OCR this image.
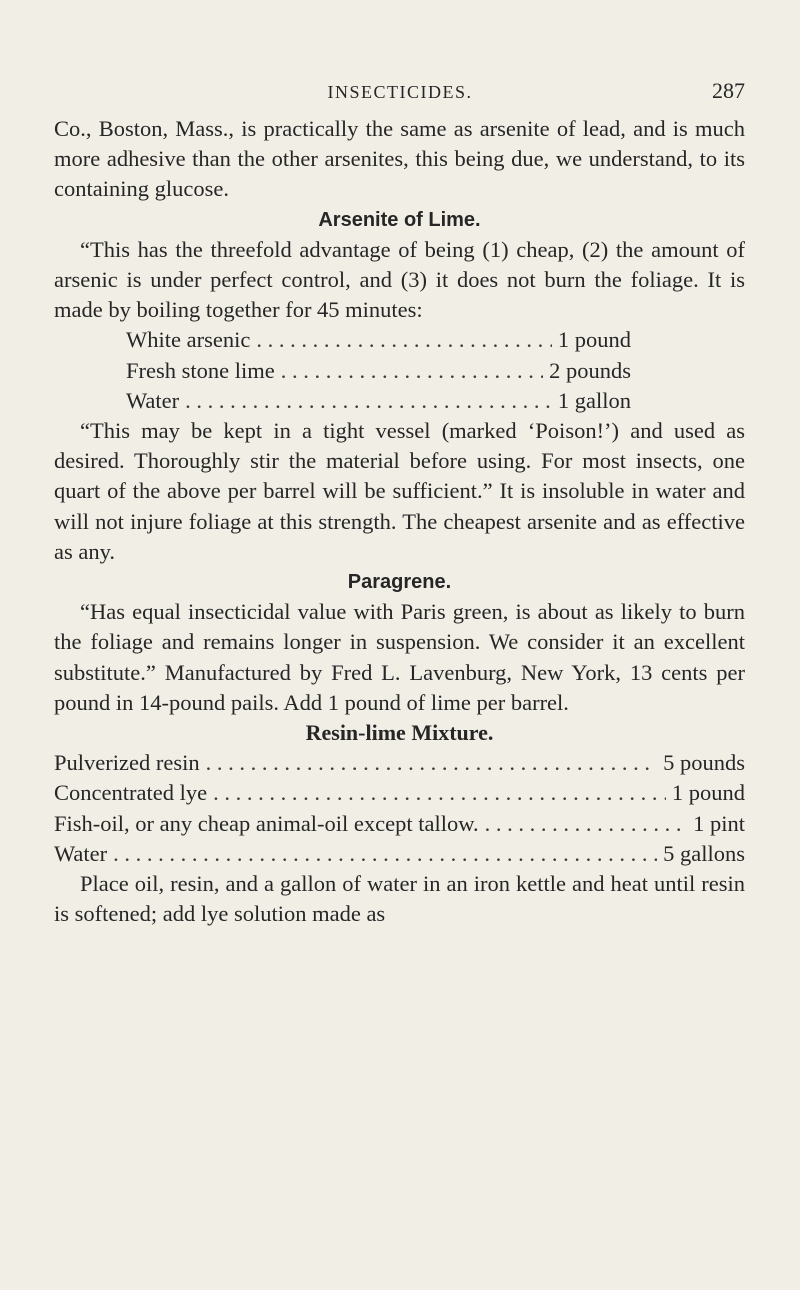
INSECTICIDES.	287

Co., Boston, Mass., is practically the same as arsenite of lead, and is much more adhesive than the other arsenites, this being due, we understand, to its containing glucose.

Arsenite of Lime.

“This has the threefold advantage of being (1) cheap, (2) the amount of arsenic is under perfect control, and (3) it does not burn the foliage. It is made by boiling together for 45 minutes:

White arsenic . . .	1 pound
Fresh stone lime . . .	2 pounds
Water . . .	1 gallon

“This may be kept in a tight vessel (marked ‘Poison!’) and used as desired. Thoroughly stir the material before using. For most insects, one quart of the above per barrel will be sufficient.” It is insoluble in water and will not injure foliage at this strength. The cheapest arsenite and as effective as any.

Paragrene.

“Has equal insecticidal value with Paris green, is about as likely to burn the foliage and remains longer in suspension. We consider it an excellent substitute.” Manufactured by Fred L. Lavenburg, New York, 13 cents per pound in 14-pound pails. Add 1 pound of lime per barrel.

Resin-lime Mixture.
Pulverized resin . . .	5 pounds
Concentrated lye . . .	1 pound
Fish-oil, or any cheap animal-oil except tallow. . . .	1 pint
Water . . .	5 gallons

Place oil, resin, and a gallon of water in an iron kettle and heat until resin is softened; add lye solution made as
